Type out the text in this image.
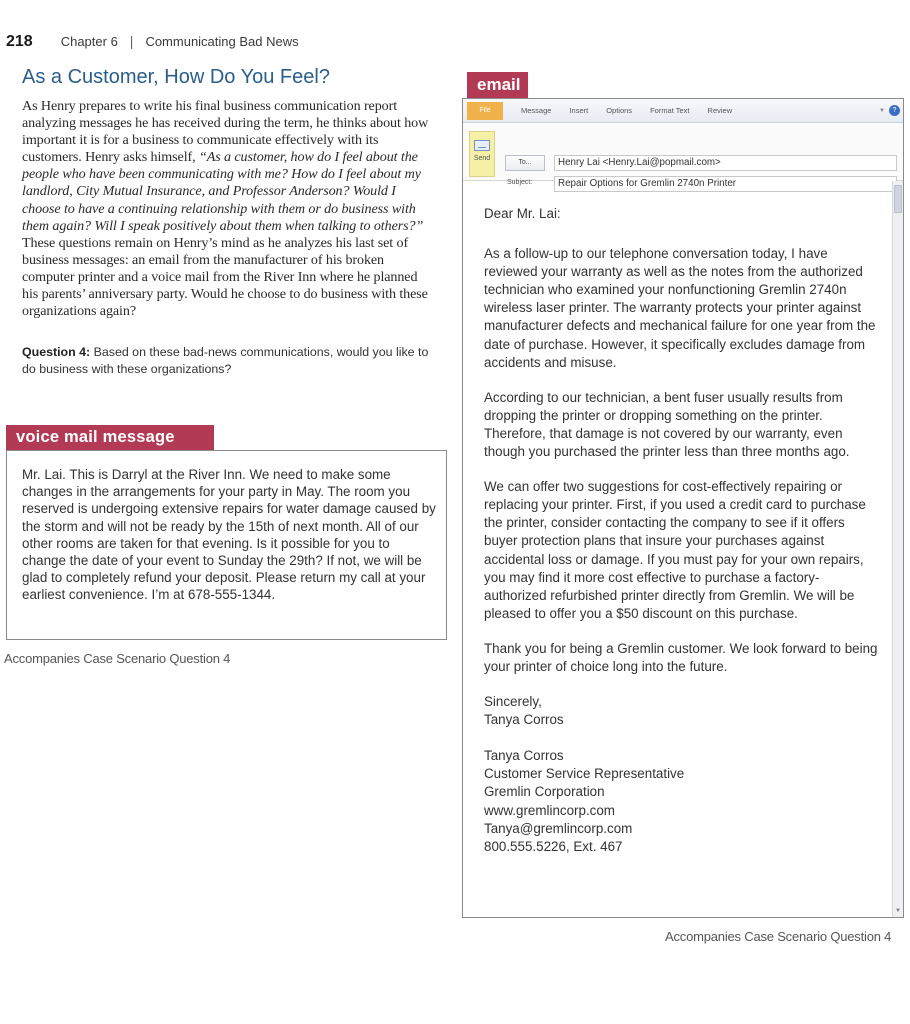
218 Chapter 6 | Communicating Bad News
As a Customer, How Do You Feel?

As Henry prepares to write his final business communication report analyzing messages he has received during the term, he thinks about how important it is for a business to communicate effectively with its customers. Henry asks himself, “As a customer, how do I feel about the people who have been communicating with me? How do I feel about my landlord, City Mutual Insurance, and Professor Anderson? Would I choose to have a continuing relationship with them or do business with them again? Will I speak positively about them when talking to others?” These questions remain on Henry’s mind as he analyzes his last set of business messages: an email from the manufacturer of his broken computer printer and a voice mail from the River Inn where he planned his parents’ anniversary party. Would he choose to do business with these organizations again?

Question 4: Based on these bad-news communications, would you like to do business with these organizations?

voice mail message

Mr. Lai. This is Darryl at the River Inn. We need to make some changes in the arrangements for your party in May. The room you reserved is undergoing extensive repairs for water damage caused by the storm and will not be ready by the 15th of next month. All of our other rooms are taken for that evening. Is it possible for you to change the date of your event to Sunday the 29th? If not, we will be glad to completely refund your deposit. Please return my call at your earliest convenience. I’m at 678-555-1344.

Accompanies Case Scenario Question 4
email
File	Message Insert Options Format Text Review	▼	?
Send
To...	Henry Lai <Henry.Lai@popmail.com>
Subject:	Repair Options for Gremlin 2740n Printer

Dear Mr. Lai:

As a follow-up to our telephone conversation today, I have reviewed your warranty as well as the notes from the authorized technician who examined your nonfunctioning Gremlin 2740n wireless laser printer. The warranty protects your printer against manufacturer defects and mechanical failure for one year from the date of purchase. However, it specifically excludes damage from accidents and misuse.

According to our technician, a bent fuser usually results from dropping the printer or dropping something on the printer. Therefore, that damage is not covered by our warranty, even though you purchased the printer less than three months ago.

We can offer two suggestions for cost-effectively repairing or replacing your printer. First, if you used a credit card to purchase the printer, consider contacting the company to see if it offers buyer protection plans that insure your purchases against accidental loss or damage. If you must pay for your own repairs, you may find it more cost effective to purchase a factory-authorized refurbished printer directly from Gremlin. We will be pleased to offer you a $50 discount on this purchase.

Thank you for being a Gremlin customer. We look forward to being your printer of choice long into the future.

Sincerely,
Tanya Corros

Tanya Corros
Customer Service Representative
Gremlin Corporation
www.gremlincorp.com
Tanya@gremlincorp.com
800.555.5226, Ext. 467

▼
Accompanies Case Scenario Question 4
